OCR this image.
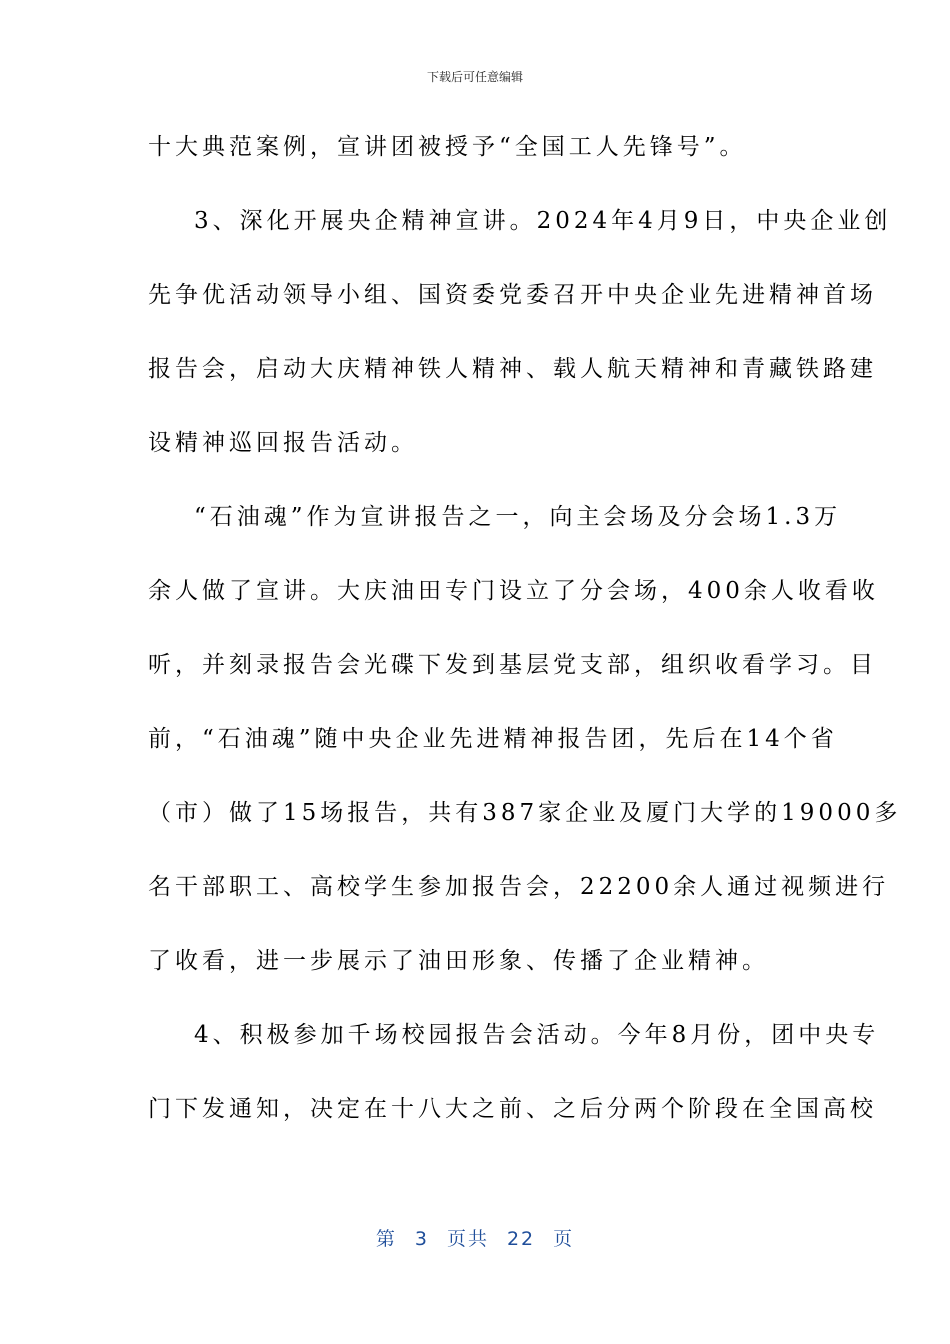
下载后可任意编辑
十大典范案例，宣讲团被授予“全国工人先锋号”。
3、深化开展央企精神宣讲。2024年4月9日，中央企业创
先争优活动领导小组、国资委党委召开中央企业先进精神首场
报告会，启动大庆精神铁人精神、载人航天精神和青藏铁路建
设精神巡回报告活动。
“石油魂”作为宣讲报告之一，向主会场及分会场1.3万
余人做了宣讲。大庆油田专门设立了分会场，400余人收看收
听，并刻录报告会光碟下发到基层党支部，组织收看学习。目
前，“石油魂”随中央企业先进精神报告团，先后在14个省
（市）做了15场报告，共有387家企业及厦门大学的19000多
名干部职工、高校学生参加报告会，22200余人通过视频进行
了收看，进一步展示了油田形象、传播了企业精神。
4、积极参加千场校园报告会活动。今年8月份，团中央专
门下发通知，决定在十八大之前、之后分两个阶段在全国高校
第 3 页共 22 页
